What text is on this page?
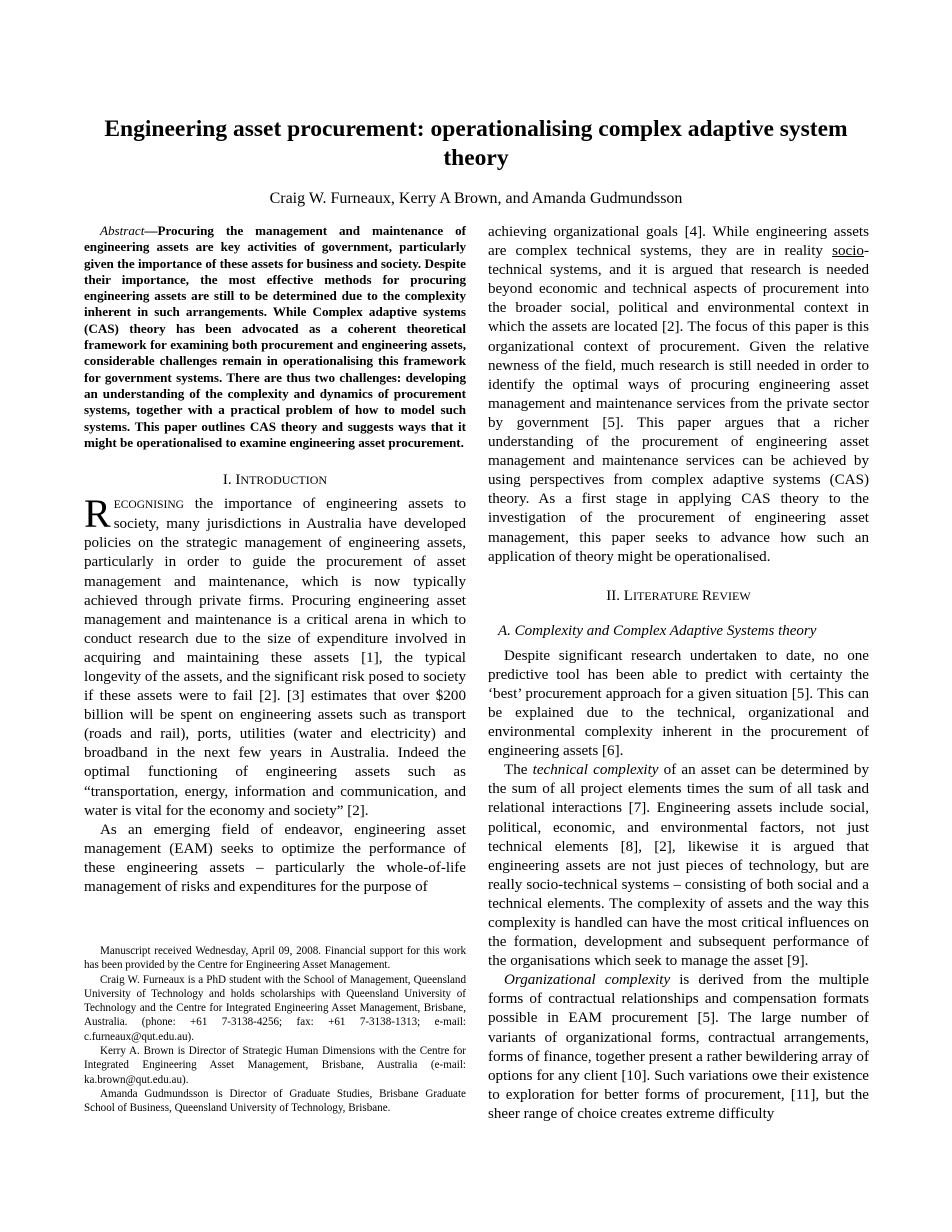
Engineering asset procurement: operationalising complex adaptive system theory
Craig W. Furneaux, Kerry A Brown, and Amanda Gudmundsson

Abstract—Procuring the management and maintenance of engineering assets are key activities of government, particularly given the importance of these assets for business and society. Despite their importance, the most effective methods for procuring engineering assets are still to be determined due to the complexity inherent in such arrangements. While Complex adaptive systems (CAS) theory has been advocated as a coherent theoretical framework for examining both procurement and engineering assets, considerable challenges remain in operationalising this framework for government systems. There are thus two challenges: developing an understanding of the complexity and dynamics of procurement systems, together with a practical problem of how to model such systems. This paper outlines CAS theory and suggests ways that it might be operationalised to examine engineering asset procurement.

I. INTRODUCTION

RECOGNISING the importance of engineering assets to society, many jurisdictions in Australia have developed policies on the strategic management of engineering assets, particularly in order to guide the procurement of asset management and maintenance, which is now typically achieved through private firms. Procuring engineering asset management and maintenance is a critical arena in which to conduct research due to the size of expenditure involved in acquiring and maintaining these assets [1], the typical longevity of the assets, and the significant risk posed to society if these assets were to fail [2]. [3] estimates that over $200 billion will be spent on engineering assets such as transport (roads and rail), ports, utilities (water and electricity) and broadband in the next few years in Australia. Indeed the optimal functioning of engineering assets such as “transportation, energy, information and communication, and water is vital for the economy and society” [2].

As an emerging field of endeavor, engineering asset management (EAM) seeks to optimize the performance of these engineering assets – particularly the whole-of-life management of risks and expenditures for the purpose of

Manuscript received Wednesday, April 09, 2008. Financial support for this work has been provided by the Centre for Engineering Asset Management.

Craig W. Furneaux is a PhD student with the School of Management, Queensland University of Technology and holds scholarships with Queensland University of Technology and the Centre for Integrated Engineering Asset Management, Brisbane, Australia. (phone: +61 7-3138-4256; fax: +61 7-3138-1313; e-mail: c.furneaux@qut.edu.au).

Kerry A. Brown is Director of Strategic Human Dimensions with the Centre for Integrated Engineering Asset Management, Brisbane, Australia (e-mail: ka.brown@qut.edu.au).

Amanda Gudmundsson is Director of Graduate Studies, Brisbane Graduate School of Business, Queensland University of Technology, Brisbane.

achieving organizational goals [4]. While engineering assets are complex technical systems, they are in reality socio-technical systems, and it is argued that research is needed beyond economic and technical aspects of procurement into the broader social, political and environmental context in which the assets are located [2]. The focus of this paper is this organizational context of procurement. Given the relative newness of the field, much research is still needed in order to identify the optimal ways of procuring engineering asset management and maintenance services from the private sector by government [5]. This paper argues that a richer understanding of the procurement of engineering asset management and maintenance services can be achieved by using perspectives from complex adaptive systems (CAS) theory. As a first stage in applying CAS theory to the investigation of the procurement of engineering asset management, this paper seeks to advance how such an application of theory might be operationalised.

II. LITERATURE REVIEW

A. Complexity and Complex Adaptive Systems theory

Despite significant research undertaken to date, no one predictive tool has been able to predict with certainty the ‘best’ procurement approach for a given situation [5]. This can be explained due to the technical, organizational and environmental complexity inherent in the procurement of engineering assets [6].

The technical complexity of an asset can be determined by the sum of all project elements times the sum of all task and relational interactions [7]. Engineering assets include social, political, economic, and environmental factors, not just technical elements [8], [2], likewise it is argued that engineering assets are not just pieces of technology, but are really socio-technical systems – consisting of both social and a technical elements. The complexity of assets and the way this complexity is handled can have the most critical influences on the formation, development and subsequent performance of the organisations which seek to manage the asset [9].

Organizational complexity is derived from the multiple forms of contractual relationships and compensation formats possible in EAM procurement [5]. The large number of variants of organizational forms, contractual arrangements, forms of finance, together present a rather bewildering array of options for any client [10]. Such variations owe their existence to exploration for better forms of procurement, [11], but the sheer range of choice creates extreme difficulty
